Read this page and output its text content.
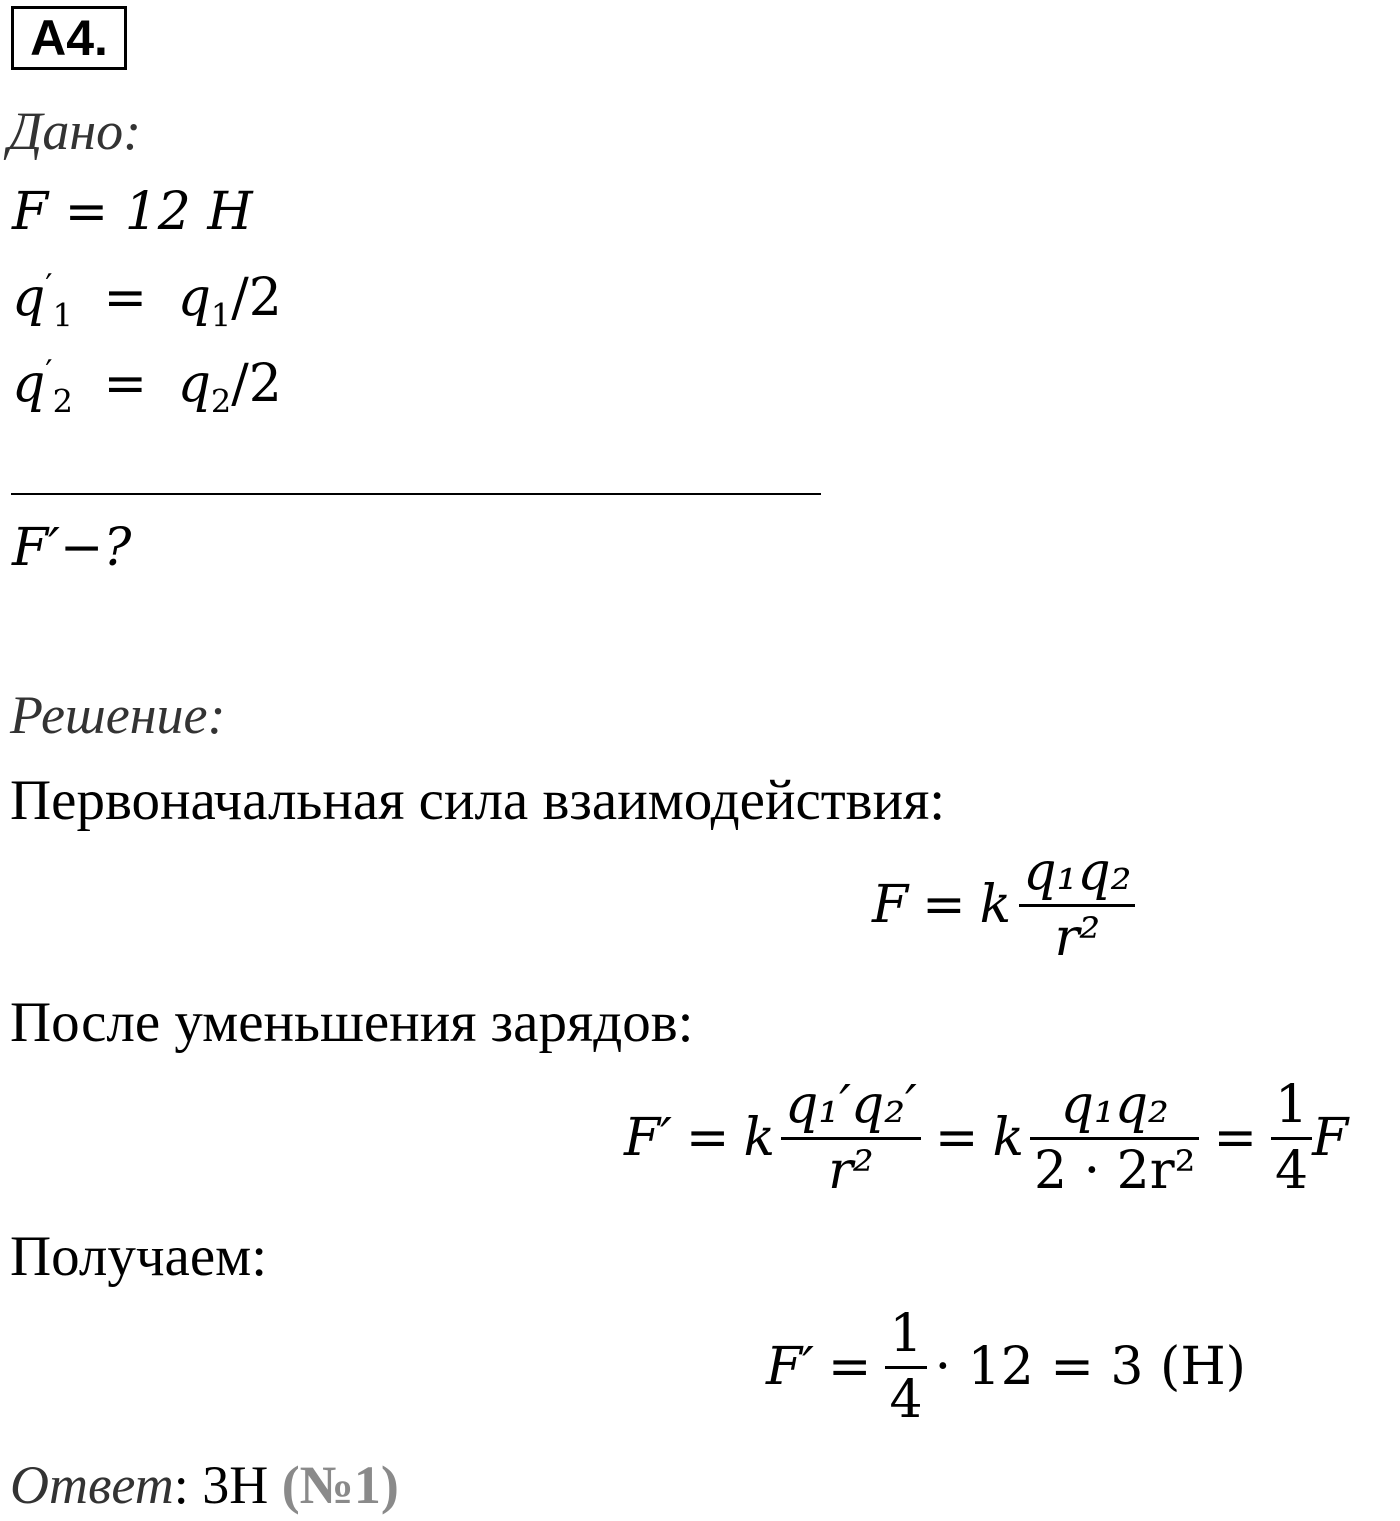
A4.
Дано:
F = 12 Н
$q'_1 = q_1/2$
$q'_2 = q_2/2$
F′−?
Решение:
Первоначальная сила взаимодействия:
F = k $\frac{\text{q₁q₂}}{\text{r²}}$
После уменьшения зарядов:
F′ = k $\frac{\text{q₁′q₂′}}{\text{r²}} = k \frac{\text{q₁q₂}}{\text{2 · 2r²}} = \frac{1}{4}$ F
Получаем:
$F' = \frac{1}{4} \cdot 12 = 3$ (Н)
Ответ: 3Н (№1)
